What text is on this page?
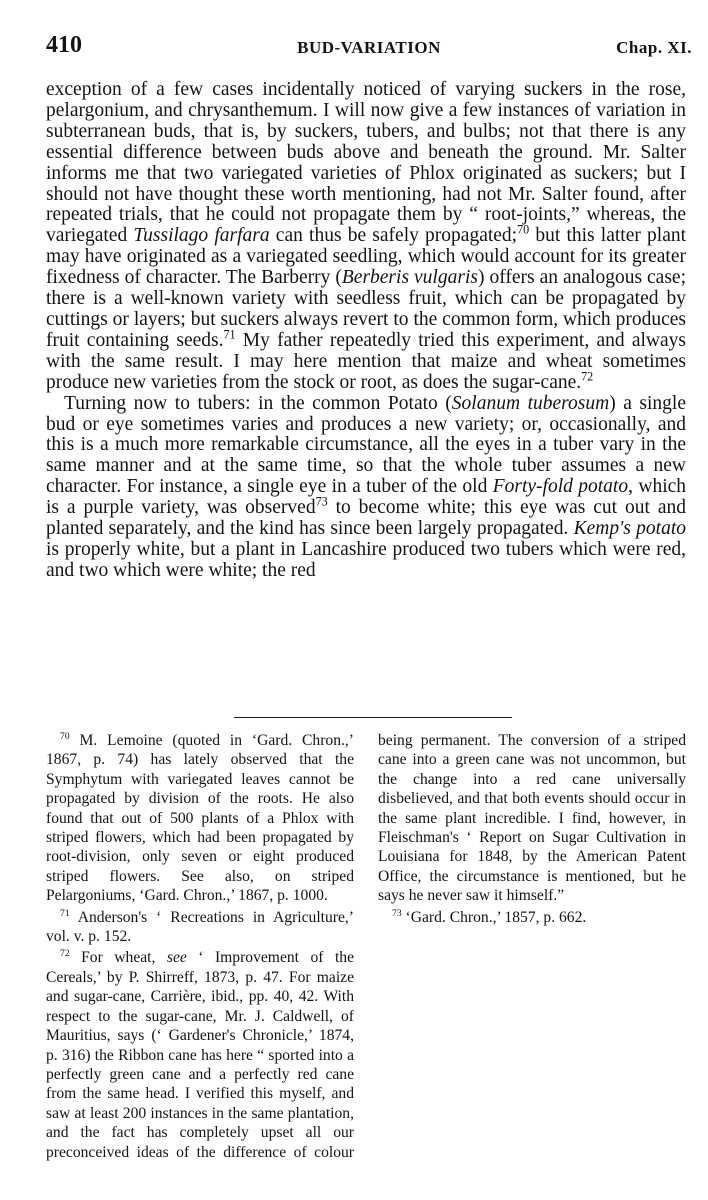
410	BUD-VARIATION	Chap. XI.

exception of a few cases incidentally noticed of varying suckers in the rose, pelargonium, and chrysanthemum. I will now give a few instances of variation in subterranean buds, that is, by suckers, tubers, and bulbs; not that there is any essential difference between buds above and beneath the ground. Mr. Salter informs me that two variegated varieties of Phlox originated as suckers; but I should not have thought these worth mentioning, had not Mr. Salter found, after repeated trials, that he could not propagate them by “ root-joints,” whereas, the variegated Tussilago farfara can thus be safely propagated;$^{70}$ but this latter plant may have originated as a variegated seedling, which would account for its greater fixedness of character. The Barberry (Berberis vulgaris) offers an analogous case; there is a well-known variety with seedless fruit, which can be propagated by cuttings or layers; but suckers always revert to the common form, which produces fruit containing seeds.$^{71}$ My father repeatedly tried this experiment, and always with the same result. I may here mention that maize and wheat sometimes produce new varieties from the stock or root, as does the sugar-cane.$^{72}$

Turning now to tubers: in the common Potato (Solanum tuberosum) a single bud or eye sometimes varies and produces a new variety; or, occasionally, and this is a much more remarkable circumstance, all the eyes in a tuber vary in the same manner and at the same time, so that the whole tuber assumes a new character. For instance, a single eye in a tuber of the old Forty-fold potato, which is a purple variety, was observed$^{73}$ to become white; this eye was cut out and planted separately, and the kind has since been largely propagated. Kemp's potato is properly white, but a plant in Lancashire produced two tubers which were red, and two which were white; the red

$^{70}$ M. Lemoine (quoted in ‘Gard. Chron.,’ 1867, p. 74) has lately observed that the Symphytum with variegated leaves cannot be propagated by division of the roots. He also found that out of 500 plants of a Phlox with striped flowers, which had been propagated by root-division, only seven or eight produced striped flowers. See also, on striped Pelargoniums, ‘Gard. Chron.,’ 1867, p. 1000.

$^{71}$ Anderson's ‘ Recreations in Agriculture,’ vol. v. p. 152.

$^{72}$ For wheat, see ‘ Improvement of the Cereals,’ by P. Shirreff, 1873, p. 47. For maize and sugar-cane, Carrière, ibid., pp. 40, 42. With respect to the sugar-cane, Mr. J. Caldwell, of Mauritius, says (‘ Gardener's Chronicle,’ 1874, p. 316) the Ribbon cane has here “ sported into a perfectly green cane and a perfectly red cane from the same head. I verified this myself, and saw at least 200 instances in the same plantation, and the fact has completely upset all our preconceived ideas of the difference of colour being permanent. The conversion of a striped cane into a green cane was not uncommon, but the change into a red cane universally disbelieved, and that both events should occur in the same plant incredible. I find, however, in Fleischman's ‘ Report on Sugar Cultivation in Louisiana for 1848, by the American Patent Office, the circumstance is mentioned, but he says he never saw it himself.”

$^{73}$ ‘Gard. Chron.,’ 1857, p. 662.
